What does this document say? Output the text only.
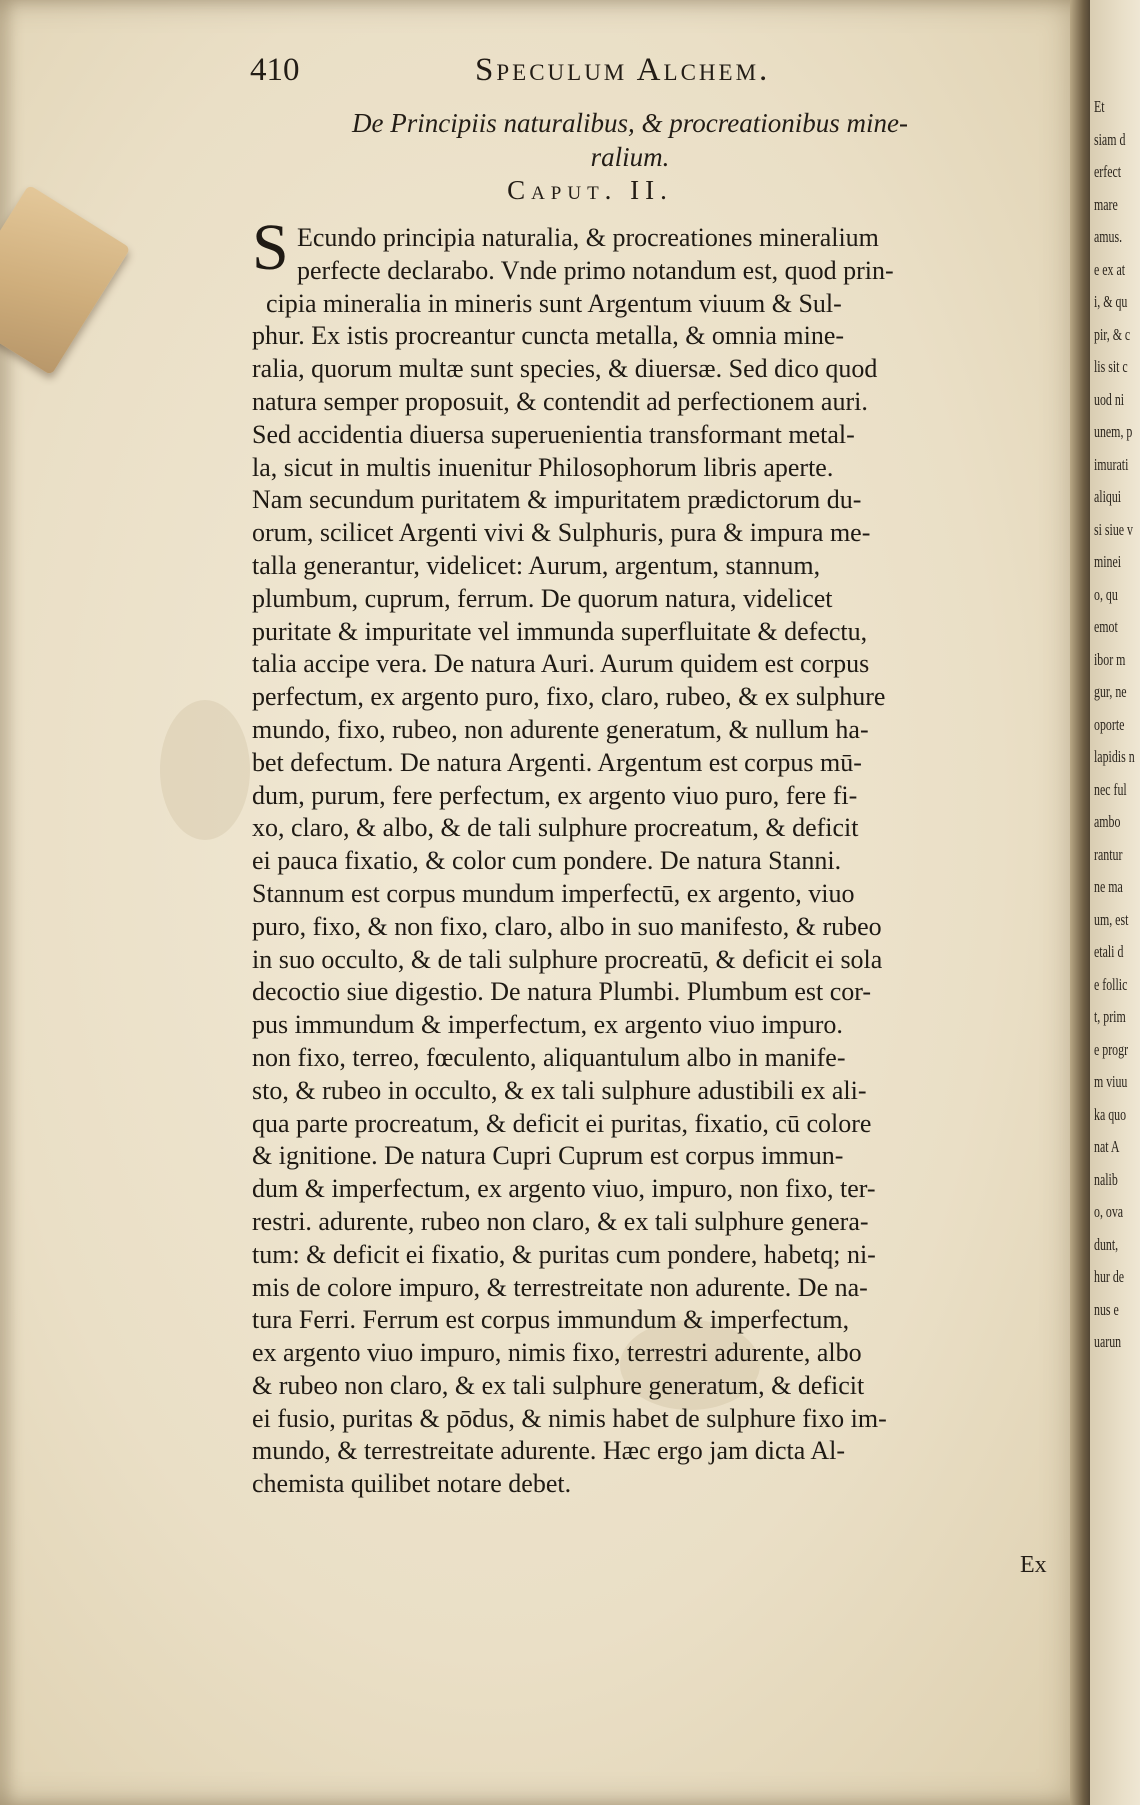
410	Speculum Alchem.
De Principiis naturalibus, & procreationibus mine-
ralium.
Caput. II.
S Ecundo principia naturalia, & procreationes mineralium
perfecte declarabo. Vnde primo notandum est, quod prin-
cipia mineralia in mineris sunt Argentum viuum & Sul-
phur. Ex istis procreantur cuncta metalla, & omnia mine-
ralia, quorum multæ sunt species, & diuersæ. Sed dico quod
natura semper proposuit, & contendit ad perfectionem auri.
Sed accidentia diuersa superuenientia transformant metal-
la, sicut in multis inuenitur Philosophorum libris aperte.
Nam secundum puritatem & impuritatem prædictorum du-
orum, scilicet Argenti vivi & Sulphuris, pura & impura me-
talla generantur, videlicet: Aurum, argentum, stannum,
plumbum, cuprum, ferrum. De quorum natura, videlicet
puritate & impuritate vel immunda superfluitate & defectu,
talia accipe vera. De natura Auri. Aurum quidem est corpus
perfectum, ex argento puro, fixo, claro, rubeo, & ex sulphure
mundo, fixo, rubeo, non adurente generatum, & nullum ha-
bet defectum. De natura Argenti. Argentum est corpus mū-
dum, purum, fere perfectum, ex argento viuo puro, fere fi-
xo, claro, & albo, & de tali sulphure procreatum, & deficit
ei pauca fixatio, & color cum pondere. De natura Stanni.
Stannum est corpus mundum imperfectū, ex argento, viuo
puro, fixo, & non fixo, claro, albo in suo manifesto, & rubeo
in suo occulto, & de tali sulphure procreatū, & deficit ei sola
decoctio siue digestio. De natura Plumbi. Plumbum est cor-
pus immundum & imperfectum, ex argento viuo impuro.
non fixo, terreo, fœculento, aliquantulum albo in manife-
sto, & rubeo in occulto, & ex tali sulphure adustibili ex ali-
qua parte procreatum, & deficit ei puritas, fixatio, cū colore
& ignitione. De natura Cupri Cuprum est corpus immun-
dum & imperfectum, ex argento viuo, impuro, non fixo, ter-
restri. adurente, rubeo non claro, & ex tali sulphure genera-
tum: & deficit ei fixatio, & puritas cum pondere, habetq; ni-
mis de colore impuro, & terrestreitate non adurente. De na-
tura Ferri. Ferrum est corpus immundum & imperfectum,
ex argento viuo impuro, nimis fixo, terrestri adurente, albo
& rubeo non claro, & ex tali sulphure generatum, & deficit
ei fusio, puritas & pōdus, & nimis habet de sulphure fixo im-
mundo, & terrestreitate adurente. Hæc ergo jam dicta Al-
chemista quilibet notare debet.
Ex
Et
siam d
erfect
mare
amus.
e ex at
i, & qu
pir, & c
lis sit c
uod ni
unem, p
imurati
aliqui
si siue v
minei
o, qu
emot
ibor m
gur, ne
oporte
lapidis n
nec ful
ambo
rantur
ne ma
um, est
etali d
e follic
t, prim
e progr
m viuu
ka quo
nat A
nalib
o, ova
dunt,
hur de
nus e
uarun
